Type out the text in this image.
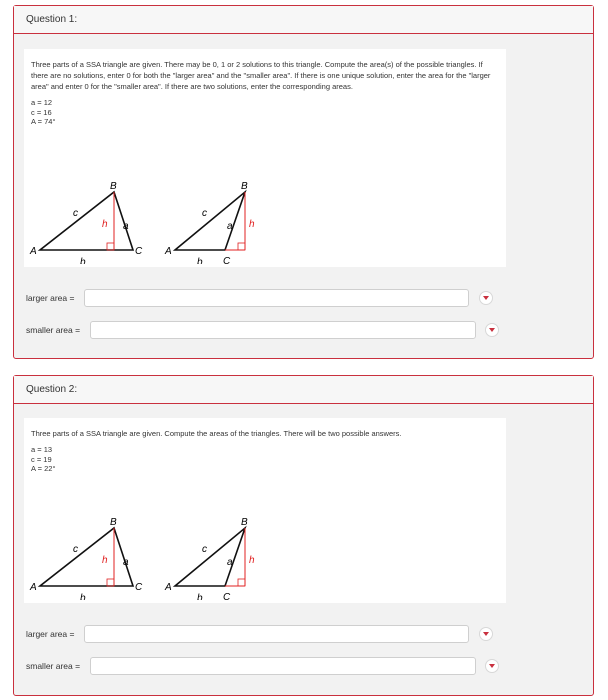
Question 1:
Three parts of a SSA triangle are given. There may be 0, 1 or 2 solutions to this triangle. Compute the area(s) of the possible triangles. If there are no solutions, enter 0 for both the "larger area" and the "smaller area". If there is one unique solution, enter the area for the "larger area" and enter 0 for the "smaller area". If there are two solutions, enter the corresponding areas.
a = 12
c = 16
A = 74°
A
B
C
c
a
b
h
A
B
C
c
a
b
h
larger area =
smaller area =
Question 2:
Three parts of a SSA triangle are given. Compute the areas of the triangles. There will be two possible answers.
a = 13
c = 19
A = 22°
A
B
C
c
a
b
h
A
B
C
c
a
b
h
larger area =
smaller area =
